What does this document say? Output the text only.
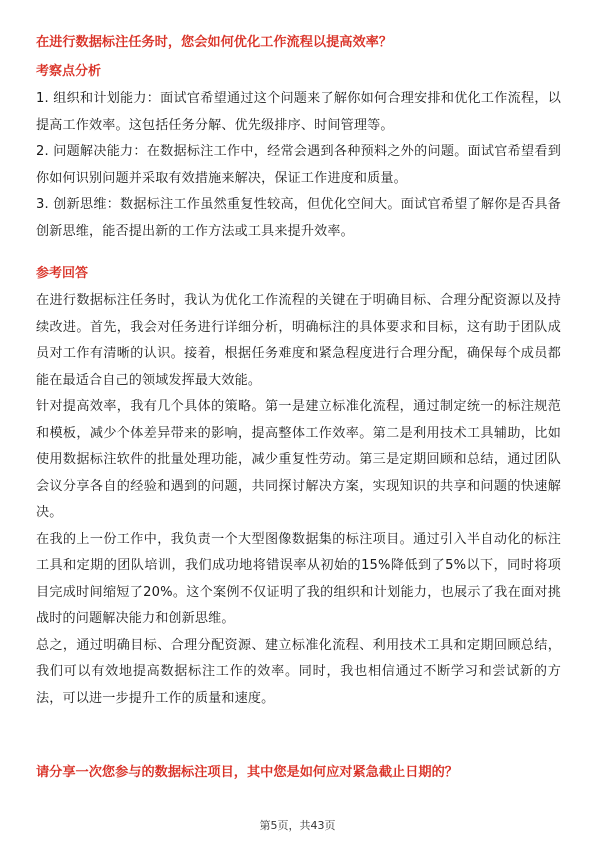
在进行数据标注任务时，您会如何优化工作流程以提高效率？
考察点分析

1. 组织和计划能力：面试官希望通过这个问题来了解你如何合理安排和优化工作流程，以提高工作效率。这包括任务分解、优先级排序、时间管理等。

2. 问题解决能力：在数据标注工作中，经常会遇到各种预料之外的问题。面试官希望看到你如何识别问题并采取有效措施来解决，保证工作进度和质量。

3. 创新思维：数据标注工作虽然重复性较高，但优化空间大。面试官希望了解你是否具备创新思维，能否提出新的工作方法或工具来提升效率。

参考回答

在进行数据标注任务时，我认为优化工作流程的关键在于明确目标、合理分配资源以及持续改进。首先，我会对任务进行详细分析，明确标注的具体要求和目标，这有助于团队成员对工作有清晰的认识。接着，根据任务难度和紧急程度进行合理分配，确保每个成员都能在最适合自己的领域发挥最大效能。

针对提高效率，我有几个具体的策略。第一是建立标准化流程，通过制定统一的标注规范和模板，减少个体差异带来的影响，提高整体工作效率。第二是利用技术工具辅助，比如使用数据标注软件的批量处理功能，减少重复性劳动。第三是定期回顾和总结，通过团队会议分享各自的经验和遇到的问题，共同探讨解决方案，实现知识的共享和问题的快速解决。

在我的上一份工作中，我负责一个大型图像数据集的标注项目。通过引入半自动化的标注工具和定期的团队培训，我们成功地将错误率从初始的15%降低到了5%以下，同时将项目完成时间缩短了20%。这个案例不仅证明了我的组织和计划能力，也展示了我在面对挑战时的问题解决能力和创新思维。

总之，通过明确目标、合理分配资源、建立标准化流程、利用技术工具和定期回顾总结，我们可以有效地提高数据标注工作的效率。同时，我也相信通过不断学习和尝试新的方法，可以进一步提升工作的质量和速度。

请分享一次您参与的数据标注项目，其中您是如何应对紧急截止日期的？
第5页，共43页
